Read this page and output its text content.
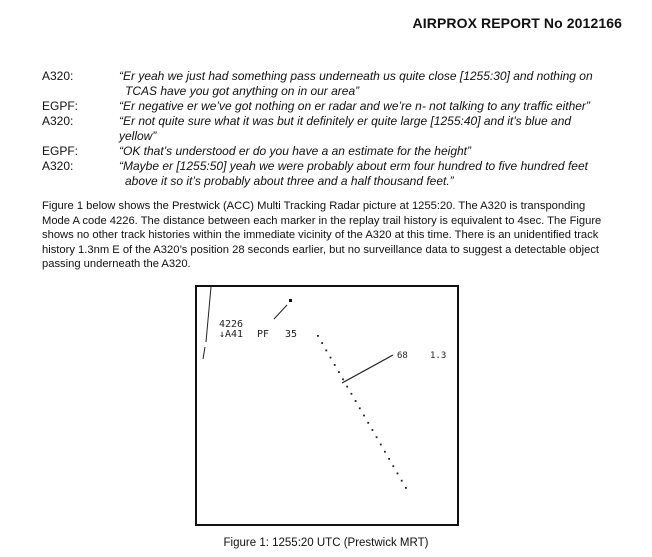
AIRPROX REPORT No 2012166
A320:	“Er yeah we just had something pass underneath us quite close [1255:30] and nothing on
TCAS have you got anything on in our area”
EGPF:	“Er negative er we’ve got nothing on er radar and we’re n- not talking to any traffic either”
A320:	“Er not quite sure what it was but it definitely er quite large [1255:40] and it’s blue and
yellow”
EGPF:	“OK that’s understood er do you have a an estimate for the height”
A320:	“Maybe er [1255:50] yeah we were probably about erm four hundred to five hundred feet
above it so it’s probably about three and a half thousand feet.”
Figure 1 below shows the Prestwick (ACC) Multi Tracking Radar picture at 1255:20. The A320 is transponding
Mode A code 4226. The distance between each marker in the replay trail history is equivalent to 4sec. The Figure
shows no other track histories within the immediate vicinity of the A320 at this time. There is an unidentified track
history 1.3nm E of the A320’s position 28 seconds earlier, but no surveillance data to suggest a detectable object
passing underneath the A320.
4226
↓A41 PF 35
68 1.3
Figure 1: 1255:20 UTC (Prestwick MRT)
